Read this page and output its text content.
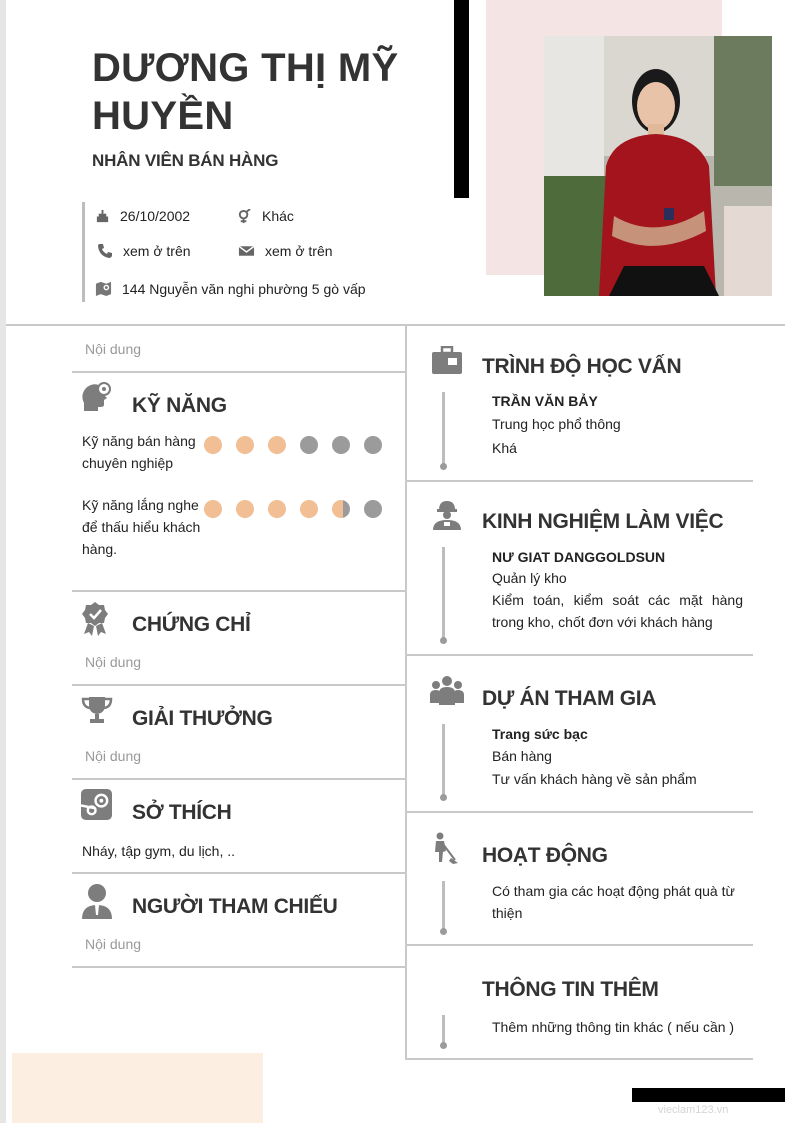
DƯƠNG THỊ MỸ HUYỀN
NHÂN VIÊN BÁN HÀNG
26/10/2002	Khác
xem ở trên	xem ở trên
144 Nguyễn văn nghi phường 5 gò vấp
Nội dung
KỸ NĂNG
Kỹ năng bán hàng chuyên nghiệp
Kỹ năng lắng nghe để thấu hiểu khách hàng.
CHỨNG CHỈ
Nội dung
GIẢI THƯỞNG
Nội dung
SỞ THÍCH
Nháy, tập gym, du lịch, ..
NGƯỜI THAM CHIẾU
Nội dung
TRÌNH ĐỘ HỌC VẤN
TRẦN VĂN BẢY
Trung học phổ thông
Khá
KINH NGHIỆM LÀM VIỆC
NƯ GIAT DANGGOLDSUN
Quản lý kho
Kiểm toán, kiểm soát các mặt hàng trong kho, chốt đơn với khách hàng
DỰ ÁN THAM GIA
Trang sức bạc
Bán hàng
Tư vấn khách hàng về sản phẩm
HOẠT ĐỘNG
Có tham gia các hoạt động phát quà từ thiện
THÔNG TIN THÊM
Thêm những thông tin khác ( nếu cần )
vieclam123.vn
